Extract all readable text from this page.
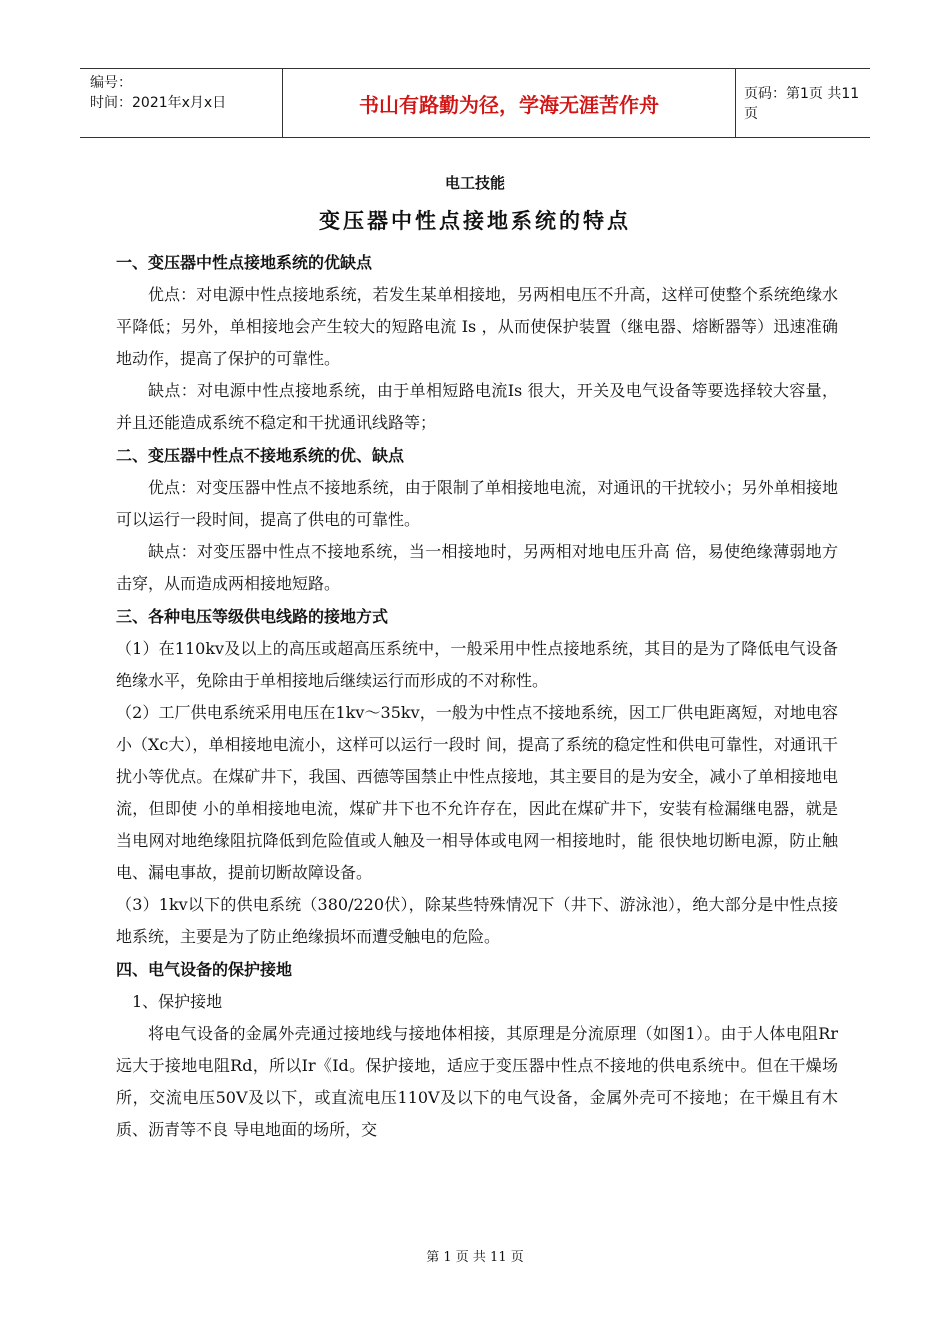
编号：
时间：2021年x月x日	书山有路勤为径，学海无涯苦作舟	页码：第1页 共11页
电工技能
变压器中性点接地系统的特点

一、变压器中性点接地系统的优缺点

优点：对电源中性点接地系统，若发生某单相接地，另两相电压不升高，这样可使整个系统绝缘水平降低；另外，单相接地会产生较大的短路电流 Is ，从而使保护装置（继电器、熔断器等）迅速准确地动作，提高了保护的可靠性。

缺点：对电源中性点接地系统，由于单相短路电流Is 很大，开关及电气设备等要选择较大容量，并且还能造成系统不稳定和干扰通讯线路等；

二、变压器中性点不接地系统的优、缺点

优点：对变压器中性点不接地系统，由于限制了单相接地电流，对通讯的干扰较小；另外单相接地可以运行一段时间，提高了供电的可靠性。

缺点：对变压器中性点不接地系统，当一相接地时，另两相对地电压升高 倍，易使绝缘薄弱地方击穿，从而造成两相接地短路。

三、各种电压等级供电线路的接地方式

（1）在110kv及以上的高压或超高压系统中，一般采用中性点接地系统，其目的是为了降低电气设备绝缘水平，免除由于单相接地后继续运行而形成的不对称性。

（2）工厂供电系统采用电压在1kv～35kv，一般为中性点不接地系统，因工厂供电距离短，对地电容小（Xc大），单相接地电流小，这样可以运行一段时 间，提高了系统的稳定性和供电可靠性，对通讯干扰小等优点。在煤矿井下，我国、西德等国禁止中性点接地，其主要目的是为安全，减小了单相接地电流，但即使 小的单相接地电流，煤矿井下也不允许存在，因此在煤矿井下，安装有检漏继电器，就是当电网对地绝缘阻抗降低到危险值或人触及一相导体或电网一相接地时，能 很快地切断电源，防止触电、漏电事故，提前切断故障设备。

（3）1kv以下的供电系统（380/220伏），除某些特殊情况下（井下、游泳池），绝大部分是中性点接地系统，主要是为了防止绝缘损坏而遭受触电的危险。

四、电气设备的保护接地

1、保护接地

将电气设备的金属外壳通过接地线与接地体相接，其原理是分流原理（如图1）。由于人体电阻Rr远大于接地电阻Rd，所以Ir《Id。保护接地，适应于变压器中性点不接地的供电系统中。但在干燥场所，交流电压50V及以下，或直流电压110V及以下的电气设备，金属外壳可不接地；在干燥且有木质、沥青等不良 导电地面的场所，交

第 1 页 共 11 页
